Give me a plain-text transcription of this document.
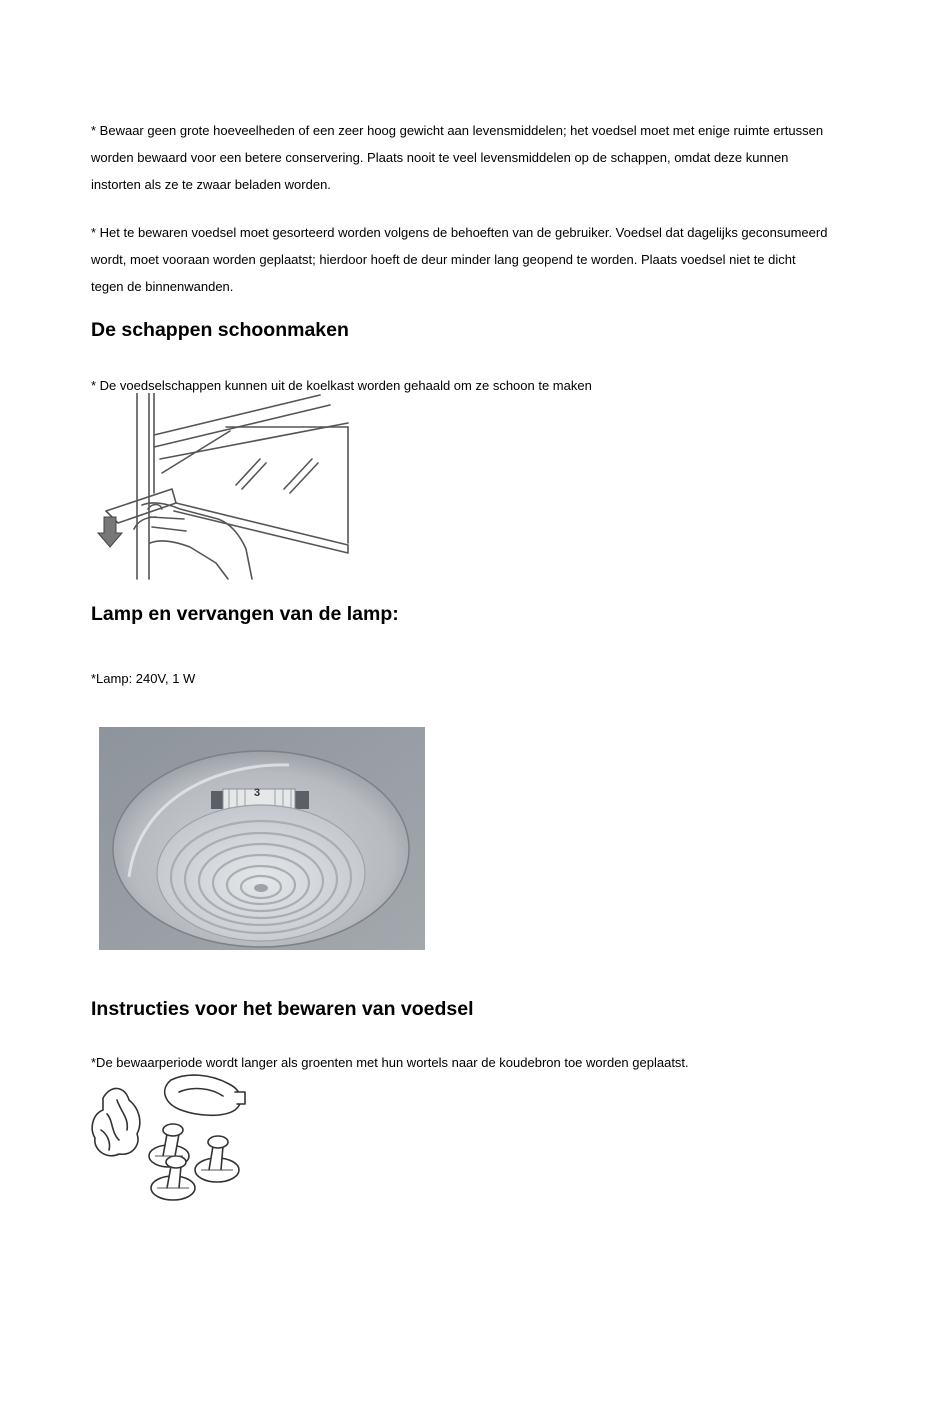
* Bewaar geen grote hoeveelheden of een zeer hoog gewicht aan levensmiddelen; het voedsel moet met enige ruimte ertussen worden bewaard voor een betere conservering. Plaats nooit te veel levensmiddelen op de schappen, omdat deze kunnen instorten als ze te zwaar beladen worden.

* Het te bewaren voedsel moet gesorteerd worden volgens de behoeften van de gebruiker. Voedsel dat dagelijks geconsumeerd wordt, moet vooraan worden geplaatst; hierdoor hoeft de deur minder lang geopend te worden. Plaats voedsel niet te dicht tegen de binnenwanden.

De schappen schoonmaken

* De voedselschappen kunnen uit de koelkast worden gehaald om ze schoon te maken

Lamp en vervangen van de lamp:

*Lamp: 240V, 1 W

3
Instructies voor het bewaren van voedsel

*De bewaarperiode wordt langer als groenten met hun wortels naar de koudebron toe worden geplaatst.
